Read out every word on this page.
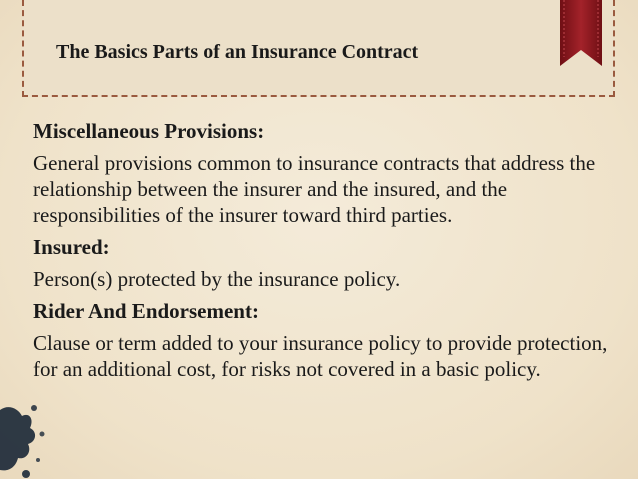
The Basics Parts of an Insurance Contract
Miscellaneous Provisions:
General provisions common to insurance contracts that address the relationship between the insurer and the insured, and the responsibilities of the insurer toward third parties.
Insured:
Person(s) protected by the insurance policy.
Rider And Endorsement:
Clause or term added to your insurance policy to provide protection, for an additional cost, for risks not covered in a basic policy.
